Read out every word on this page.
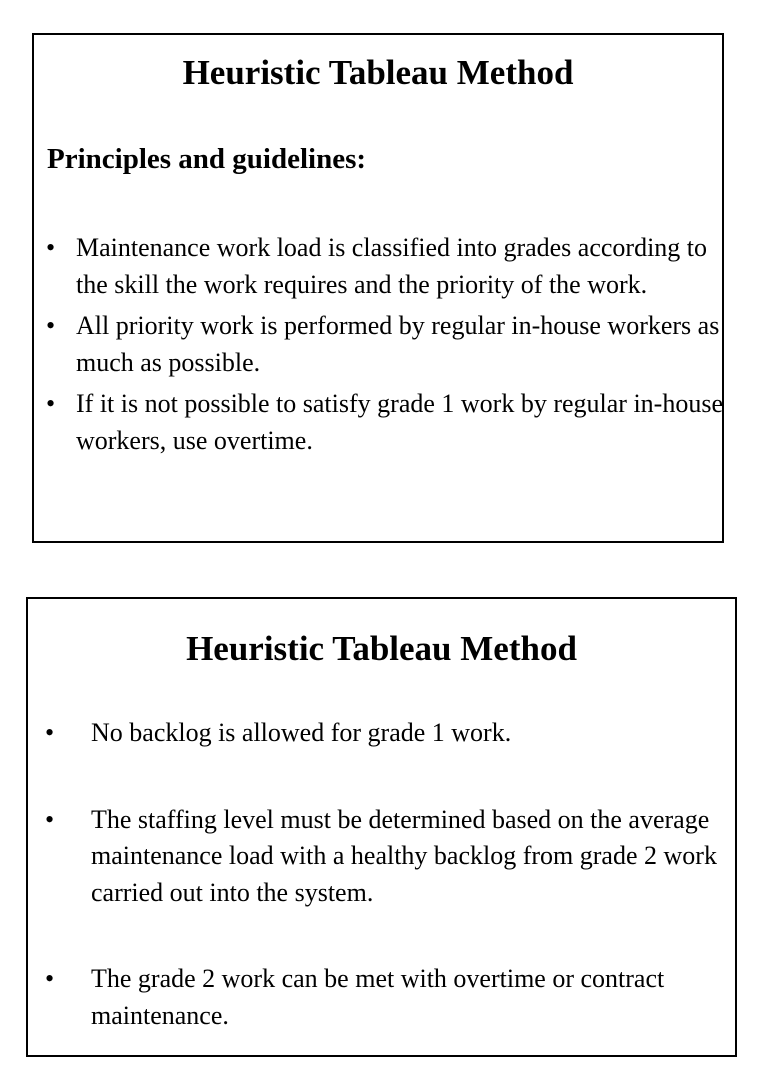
Heuristic Tableau Method
Principles and guidelines:
• Maintenance work load is classified into grades according to the skill the work requires and the priority of the work.
• All priority work is performed by regular in-house workers as much as possible.
• If it is not possible to satisfy grade 1 work by regular in-house workers, use overtime.
Heuristic Tableau Method
• No backlog is allowed for grade 1 work.
• The staffing level must be determined based on the average maintenance load with a healthy backlog from grade 2 work carried out into the system.
• The grade 2 work can be met with overtime or contract maintenance.
